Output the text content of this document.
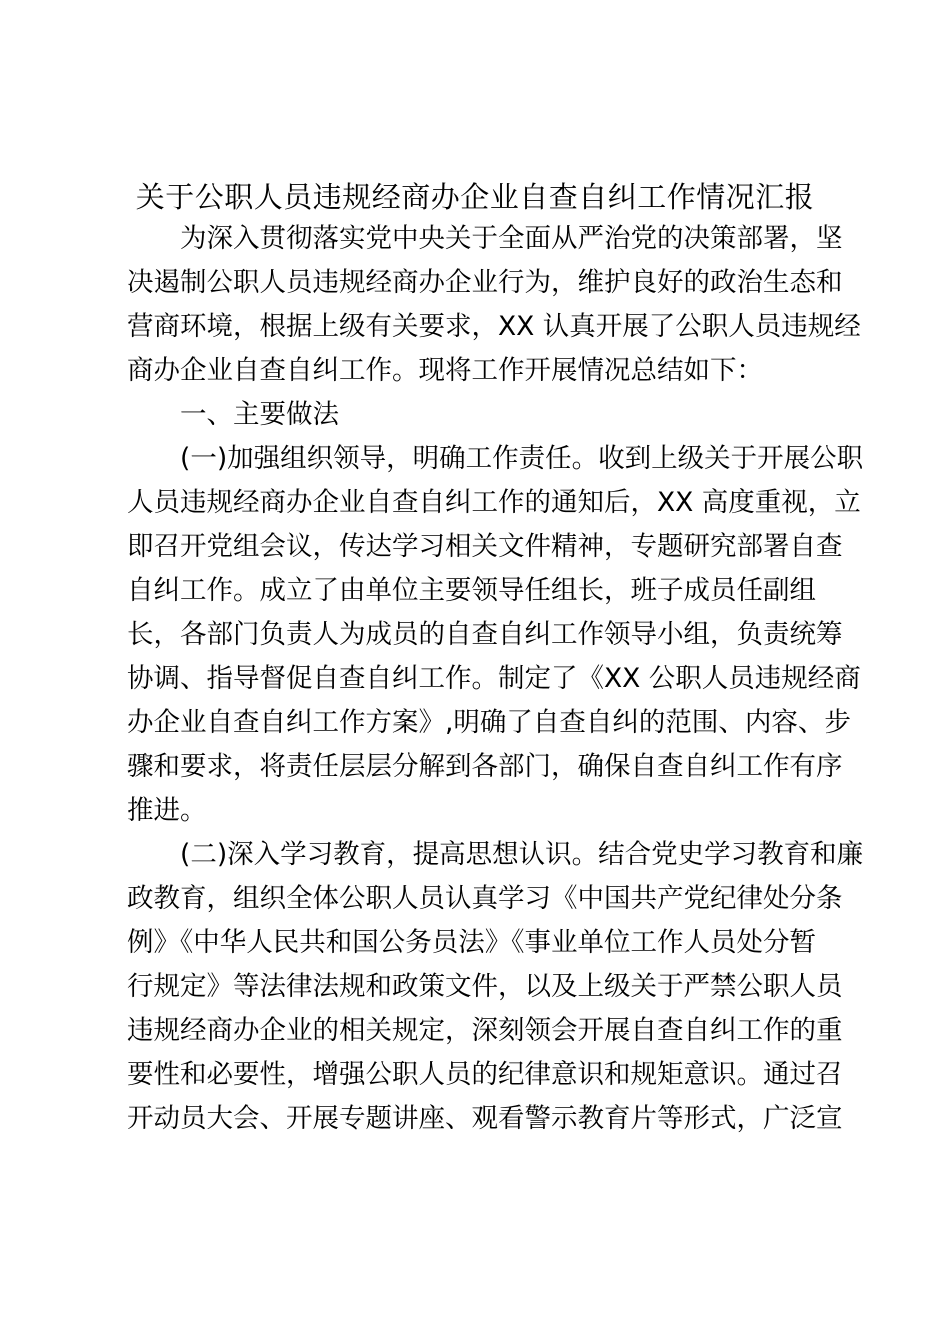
关于公职人员违规经商办企业自查自纠工作情况汇报
　　为深入贯彻落实党中央关于全面从严治党的决策部署，坚
决遏制公职人员违规经商办企业行为，维护良好的政治生态和
营商环境，根据上级有关要求，XX 认真开展了公职人员违规经
商办企业自查自纠工作。现将工作开展情况总结如下：
　　一、主要做法
　　(一)加强组织领导，明确工作责任。收到上级关于开展公职
人员违规经商办企业自查自纠工作的通知后，XX 高度重视，立
即召开党组会议，传达学习相关文件精神，专题研究部署自查
自纠工作。成立了由单位主要领导任组长，班子成员任副组
长，各部门负责人为成员的自查自纠工作领导小组，负责统筹
协调、指导督促自查自纠工作。制定了《XX 公职人员违规经商
办企业自查自纠工作方案》,明确了自查自纠的范围、内容、步
骤和要求，将责任层层分解到各部门，确保自查自纠工作有序
推进。
　　(二)深入学习教育，提高思想认识。结合党史学习教育和廉
政教育，组织全体公职人员认真学习《中国共产党纪律处分条
例》《中华人民共和国公务员法》《事业单位工作人员处分暂
行规定》等法律法规和政策文件，以及上级关于严禁公职人员
违规经商办企业的相关规定，深刻领会开展自查自纠工作的重
要性和必要性，增强公职人员的纪律意识和规矩意识。通过召
开动员大会、开展专题讲座、观看警示教育片等形式，广泛宣
